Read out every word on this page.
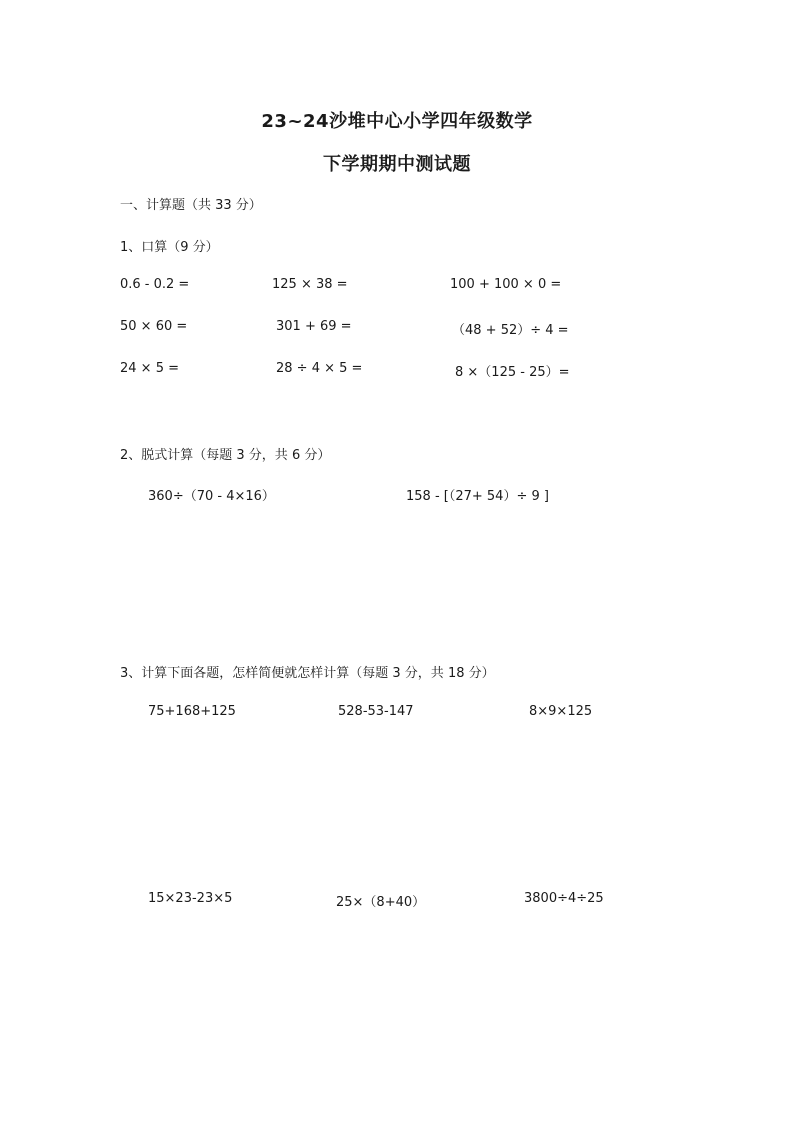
23~24沙堆中心小学四年级数学
下学期期中测试题
一、计算题（共 33 分）
1、口算（9 分）
0.6 - 0.2 =	125 × 38 =	100 + 100 × 0 =
50 × 60 =	301 + 69 =	（48 + 52）÷ 4 =
24 × 5 =	28 ÷ 4 × 5 =	8 ×（125 - 25）=
2、脱式计算（每题 3 分，共 6 分）
360÷（70 - 4×16）	158 - [（27+ 54）÷ 9 ]
3、计算下面各题，怎样简便就怎样计算（每题 3 分，共 18 分）
75+168+125	528-53-147	8×9×125
15×23-23×5	25×（8+40）	3800÷4÷25
